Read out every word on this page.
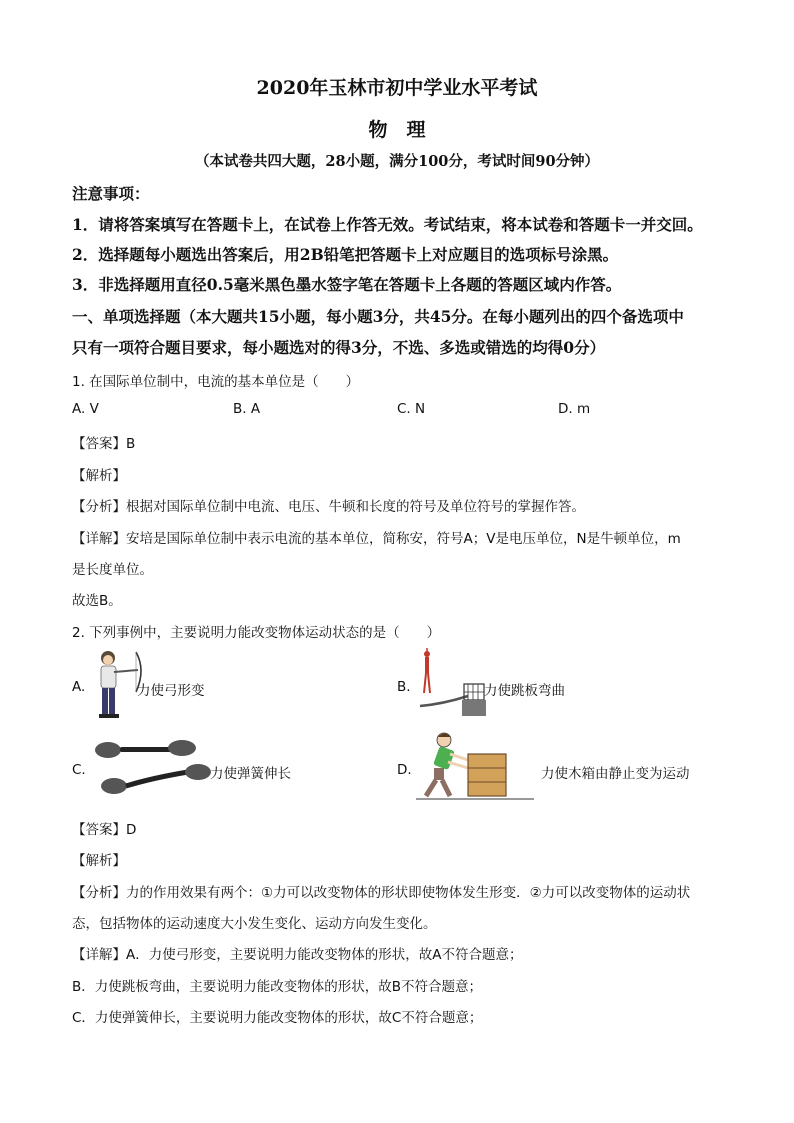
2020年玉林市初中学业水平考试
物　理
（本试卷共四大题，28小题，满分100分，考试时间90分钟）
注意事项：
1．请将答案填写在答题卡上，在试卷上作答无效。考试结束，将本试卷和答题卡一并交回。
2．选择题每小题选出答案后，用2B铅笔把答题卡上对应题目的选项标号涂黑。
3．非选择题用直径0.5毫米黑色墨水签字笔在答题卡上各题的答题区域内作答。
一、单项选择题（本大题共15小题，每小题3分，共45分。在每小题列出的四个备选项中
只有一项符合题目要求，每小题选对的得3分，不选、多选或错选的均得0分）
1. 在国际单位制中，电流的基本单位是（　　）
A. V	B. A	C. N	D. m
【答案】B
【解析】
【分析】根据对国际单位制中电流、电压、牛顿和长度的符号及单位符号的掌握作答。
【详解】安培是国际单位制中表示电流的基本单位，简称安，符号A；V是电压单位，N是牛顿单位，m
是长度单位。
故选B。
2. 下列事例中，主要说明力能改变物体运动状态的是（　　）
A.	力使弓形变	B.	力使跳板弯曲
C.	力使弹簧伸长	D.	力使木箱由静止变为运动
【答案】D
【解析】
【分析】力的作用效果有两个：①力可以改变物体的形状即使物体发生形变．②力可以改变物体的运动状
态，包括物体的运动速度大小发生变化、运动方向发生变化。
【详解】A．力使弓形变，主要说明力能改变物体的形状，故A不符合题意；
B．力使跳板弯曲，主要说明力能改变物体的形状，故B不符合题意；
C．力使弹簧伸长，主要说明力能改变物体的形状，故C不符合题意；
